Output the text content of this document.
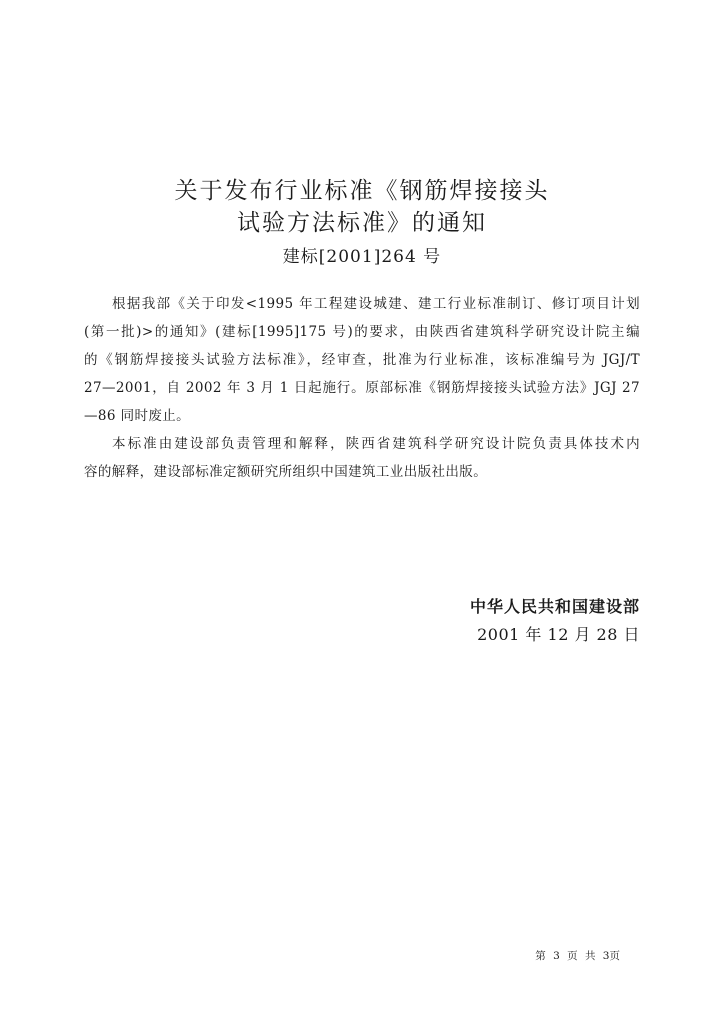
关于发布行业标准《钢筋焊接接头
试验方法标准》的通知
建标[2001]264 号
根据我部《关于印发<1995 年工程建设城建、建工行业标准制订、修订项目计划
(第一批)>的通知》(建标[1995]175 号)的要求，由陕西省建筑科学研究设计院主编
的《钢筋焊接接头试验方法标准》，经审查，批准为行业标准，该标准编号为 JGJ/T
27—2001，自 2002 年 3 月 1 日起施行。原部标准《钢筋焊接接头试验方法》JGJ 27
—86 同时废止。
本标准由建设部负责管理和解释，陕西省建筑科学研究设计院负责具体技术内
容的解释，建设部标准定额研究所组织中国建筑工业出版社出版。
中华人民共和国建设部
2001 年 12 月 28 日
第 3 页 共 3页
